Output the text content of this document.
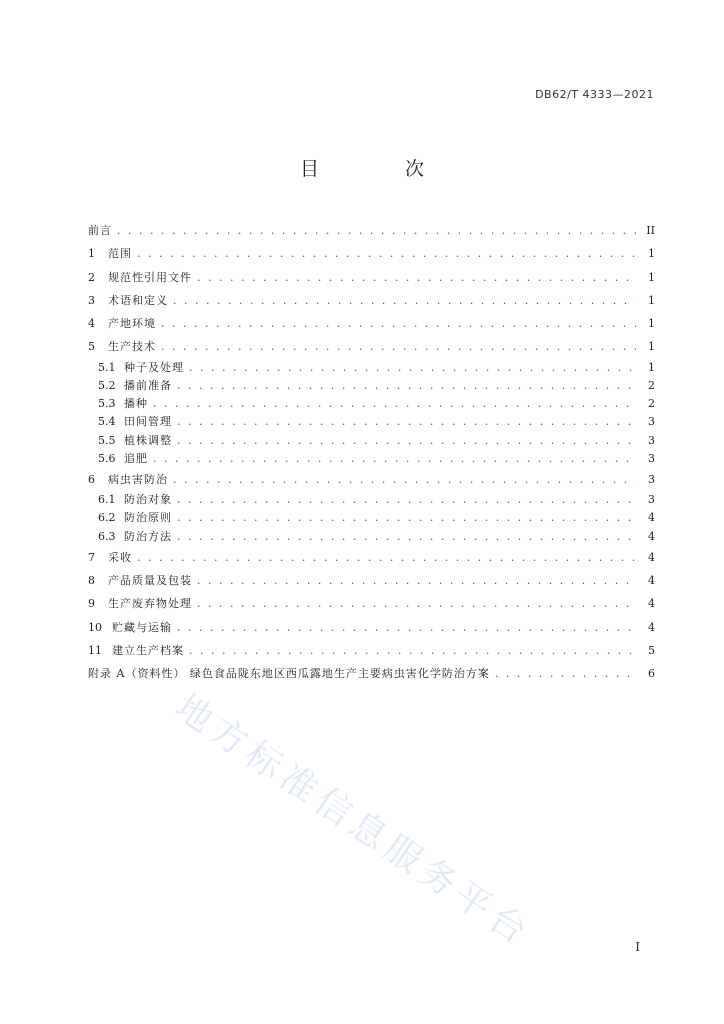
DB62/T 4333—2021
目 次
前言 . . .	II
1	范围 . . .	1
2	规范性引用文件 . . .	1
3	术语和定义 . . .	1
4	产地环境 . . .	1
5	生产技术 . . .	1
5.1 种子及处理 . . .	1
5.2 播前准备 . . .	2
5.3 播种 . . .	2
5.4 田间管理 . . .	3
5.5 植株调整 . . .	3
5.6 追肥 . . .	3
6	病虫害防治 . . .	3
6.1 防治对象 . . .	3
6.2 防治原则 . . .	4
6.3 防治方法 . . .	4
7	采收 . . .	4
8	产品质量及包装 . . .	4
9	生产废弃物处理 . . .	4
10 贮藏与运输 . . .	4
11 建立生产档案 . . .	5
附录 A（资料性） 绿色食品陇东地区西瓜露地生产主要病虫害化学防治方案 . . .	6
I
地方标准信息服务平台
